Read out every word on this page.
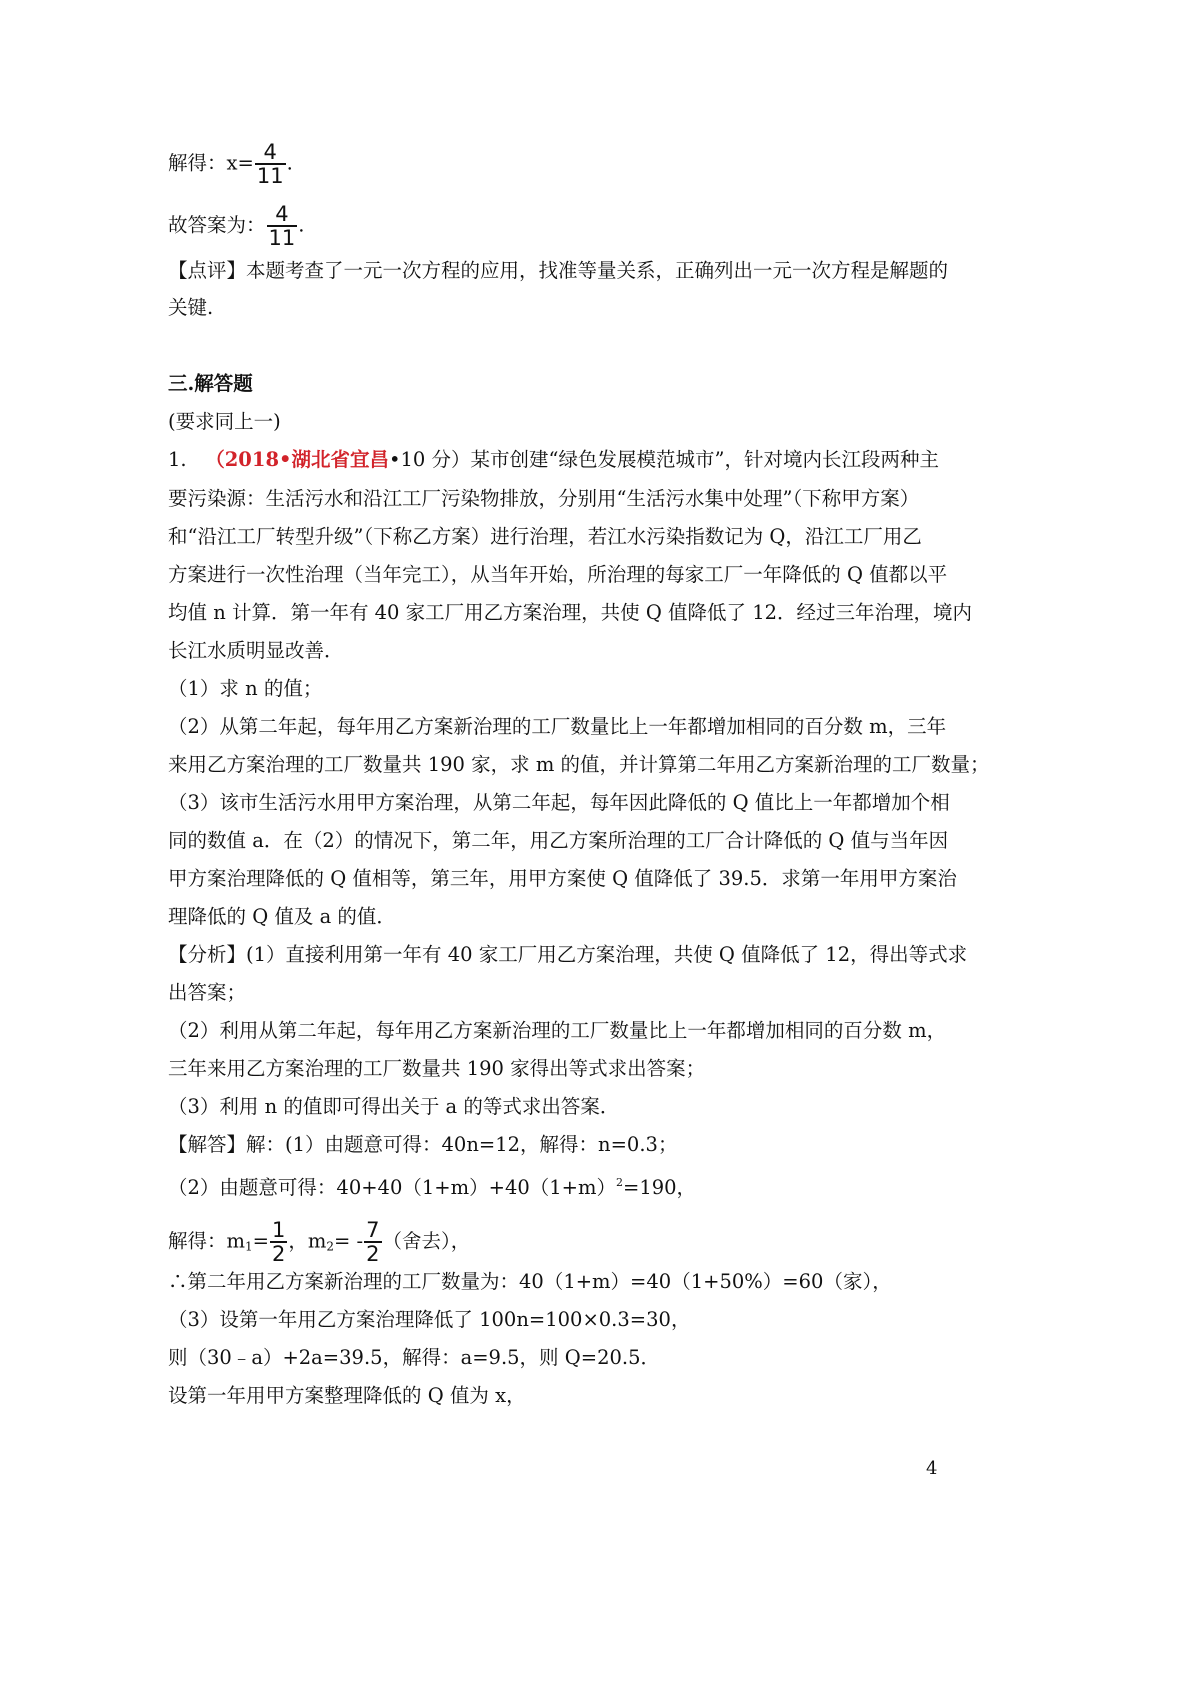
解得：$x= \frac{4}{11}$ .
故答案为： $\frac{4}{11}$ .
【点评】本题考查了一元一次方程的应用，找准等量关系，正确列出一元一次方程是解题的
关键.
三.解答题
(要求同上一)
1. （2018•湖北省宜昌•10 分）某市创建“绿色发展模范城市”，针对境内长江段两种主
要污染源：生活污水和沿江工厂污染物排放，分别用“生活污水集中处理”（下称甲方案）
和“沿江工厂转型升级”（下称乙方案）进行治理，若江水污染指数记为 Q，沿江工厂用乙
方案进行一次性治理（当年完工），从当年开始，所治理的每家工厂一年降低的 Q 值都以平
均值 n 计算．第一年有 40 家工厂用乙方案治理，共使 Q 值降低了 12．经过三年治理，境内
长江水质明显改善．
（1）求 n 的值；
（2）从第二年起，每年用乙方案新治理的工厂数量比上一年都增加相同的百分数 m，三年
来用乙方案治理的工厂数量共 190 家，求 m 的值，并计算第二年用乙方案新治理的工厂数量；
（3）该市生活污水用甲方案治理，从第二年起，每年因此降低的 Q 值比上一年都增加个相
同的数值 a．在（2）的情况下，第二年，用乙方案所治理的工厂合计降低的 Q 值与当年因
甲方案治理降低的 Q 值相等，第三年，用甲方案使 Q 值降低了 39.5．求第一年用甲方案治
理降低的 Q 值及 a 的值．
【分析】(1）直接利用第一年有 40 家工厂用乙方案治理，共使 Q 值降低了 12，得出等式求
出答案；
（2）利用从第二年起，每年用乙方案新治理的工厂数量比上一年都增加相同的百分数 m，
三年来用乙方案治理的工厂数量共 190 家得出等式求出答案；
（3）利用 n 的值即可得出关于 a 的等式求出答案．
【解答】解：(1）由题意可得：40n=12，解得：n=0.3；
（2）由题意可得：$40+40(1+m)+40(1+m)^2=190$，
解得：$m_1= \frac{1}{2}$ ，$m_2= - \frac{7}{2}$ （舍去），
∴第二年用乙方案新治理的工厂数量为：40（1+m）=40（1+50%）=60（家），
（3）设第一年用乙方案治理降低了 100n=100×0.3=30，
则（30﹣a）+2a=39.5，解得：a=9.5，则 Q=20.5．
设第一年用甲方案整理降低的 Q 值为 x，
4
